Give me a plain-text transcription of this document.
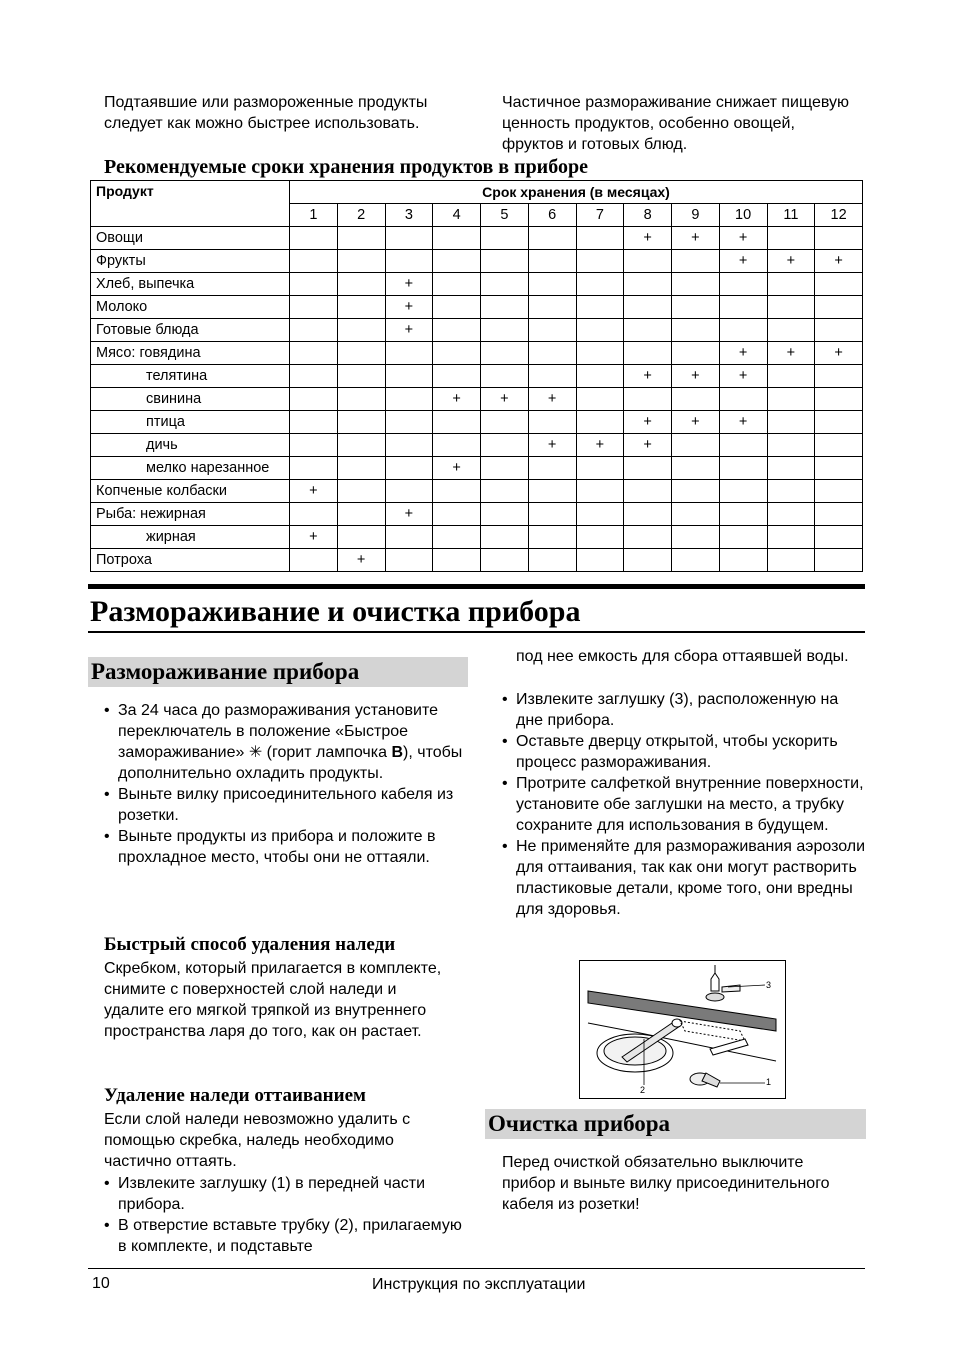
Подтаявшие или размороженные продукты следует как можно быстрее использовать.

Частичное размораживание снижает пищевую ценность продуктов, особенно овощей, фруктов и готовых блюд.

Рекомендуемые сроки хранения продуктов в приборе
Продукт	Срок хранения (в месяцах)											
	1	2	3	4	5	6	7	8	9	10	11	12
Овощи								+	+	+		
Фрукты										+	+	+
Хлеб, выпечка			+									
Молоко			+									
Готовые блюда			+									
Мясо: говядина										+	+	+
телятина								+	+	+		
свинина				+	+	+						
птица								+	+	+		
дичь						+	+	+				
мелко нарезанное				+								
Копченые колбаски	+											
Рыба: нежирная			+									
жирная	+											
Потроха		+										
Размораживание и очистка прибора
Размораживание прибора
• За 24 часа до размораживания установите переключатель в положение «Быстрое замораживание» ✳ (горит лампочка B), чтобы дополнительно охладить продукты.
• Выньте вилку присоединительного кабеля из розетки.
• Выньте продукты из прибора и положите в прохладное место, чтобы они не оттаяли.
Быстрый способ удаления наледи

Скребком, который прилагается в комплекте, снимите с поверхностей слой наледи и удалите его мягкой тряпкой из внутреннего пространства ларя до того, как он растает.

Удаление наледи оттаиванием

Если слой наледи невозможно удалить с помощью скребка, наледь необходимо частично оттаять.

• Извлеките заглушку (1) в передней части прибора.
• В отверстие вставьте трубку (2), прилагаемую в комплекте, и подставьте

под нее емкость для сбора оттаявшей воды.

• Извлеките заглушку (3), расположенную на дне прибора.
• Оставьте дверцу открытой, чтобы ускорить процесс размораживания.
• Протрите салфеткой внутренние поверхности, установите обе заглушки на место, а трубку сохраните для использования в будущем.
• Не применяйте для размораживания аэрозоли для оттаивания, так как они могут растворить пластиковые детали, кроме того, они вредны для здоровья.
3
2
1
Очистка прибора

Перед очисткой обязательно выключите прибор и выньте вилку присоединительного кабеля из розетки!

10	Инструкция по эксплуатации
